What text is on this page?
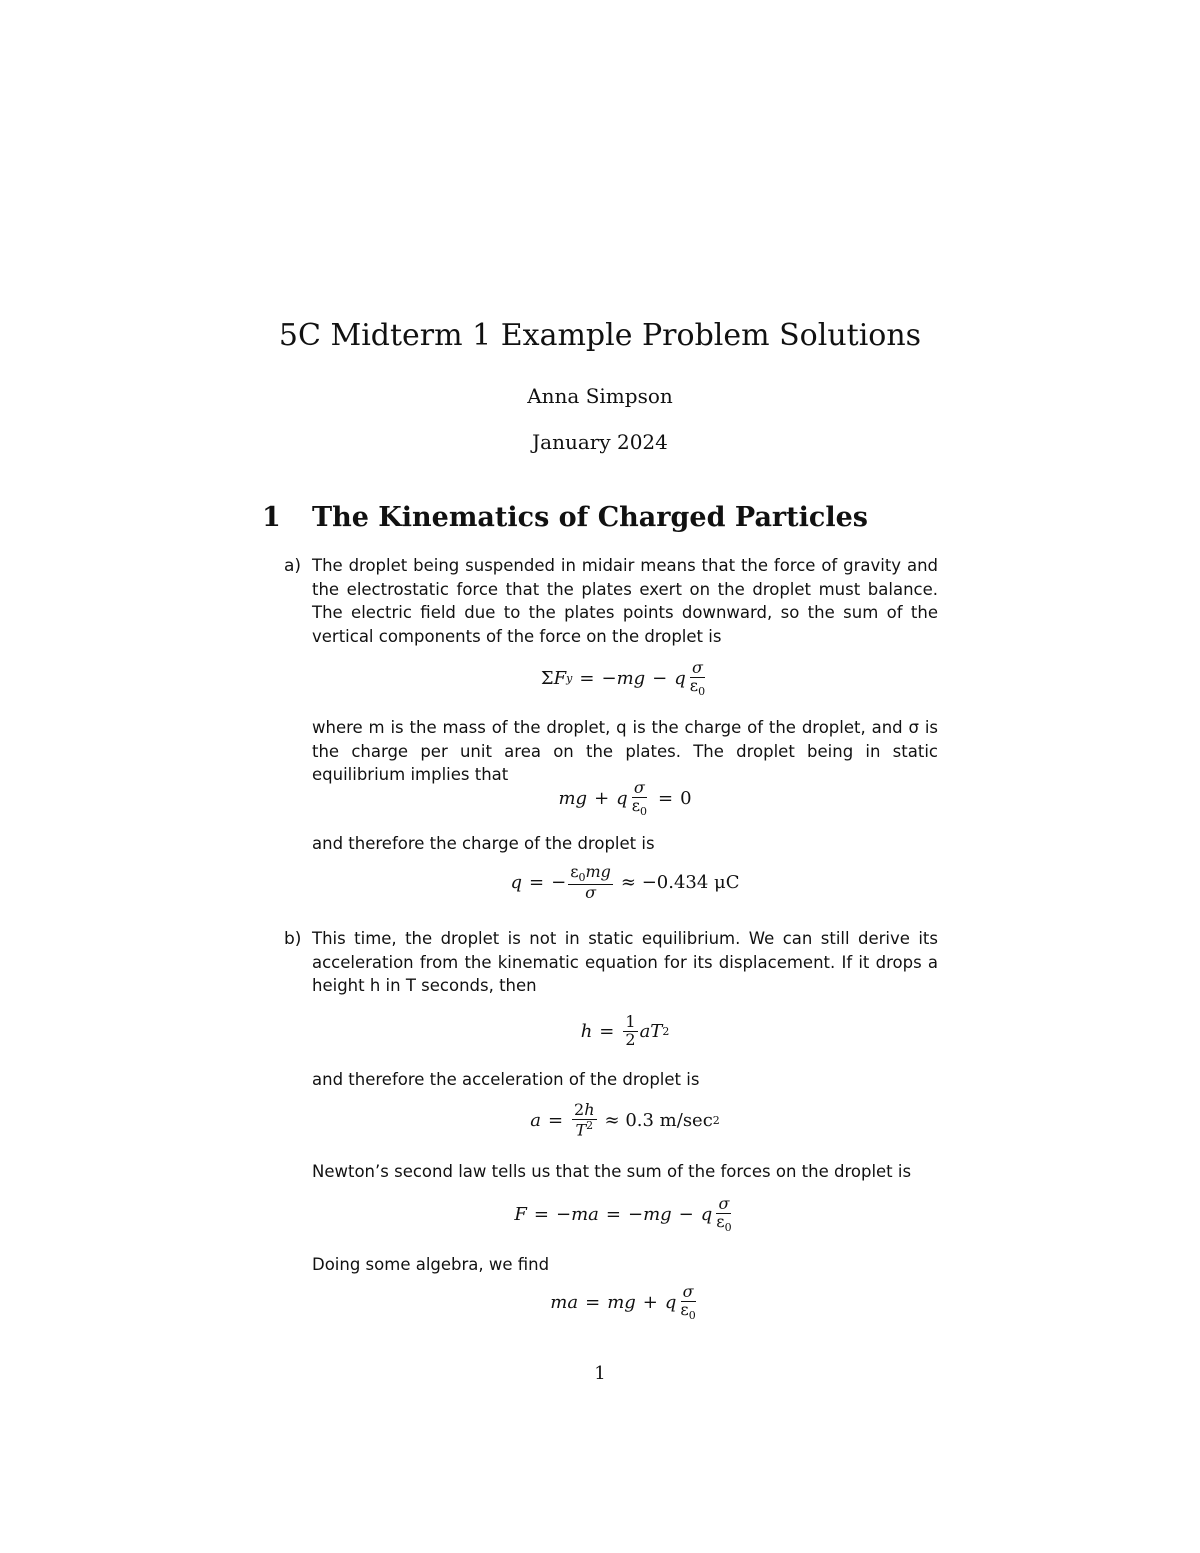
5C Midterm 1 Example Problem Solutions
Anna Simpson
January 2024
1 The Kinematics of Charged Particles
a) The droplet being suspended in midair means that the force of gravity and the electrostatic force that the plates exert on the droplet must balance. The electric field due to the plates points downward, so the sum of the vertical components of the force on the droplet is
Σ F y = − mg − q $\frac{\sigma}{\varepsilon_0}$
where m is the mass of the droplet, q is the charge of the droplet, and σ is the charge per unit area on the plates. The droplet being in static equilibrium implies that
mg + q $\frac{\sigma}{\varepsilon_0} = 0$
and therefore the charge of the droplet is
q = − $\frac{\varepsilon_0mg}{\sigma} \approx -0.434$ μC
b) This time, the droplet is not in static equilibrium. We can still derive its acceleration from the kinematic equation for its displacement. If it drops a height h in T seconds, then
$h = \frac{1}{2}$ aT 2
and therefore the acceleration of the droplet is
$a = \frac{2h}{T^2} \approx 0.3$ m/sec 2
Newton’s second law tells us that the sum of the forces on the droplet is
F = − ma = − mg − q $\frac{\sigma}{\varepsilon_0}$
Doing some algebra, we find
ma = mg + q $\frac{\sigma}{\varepsilon_0}$
1
